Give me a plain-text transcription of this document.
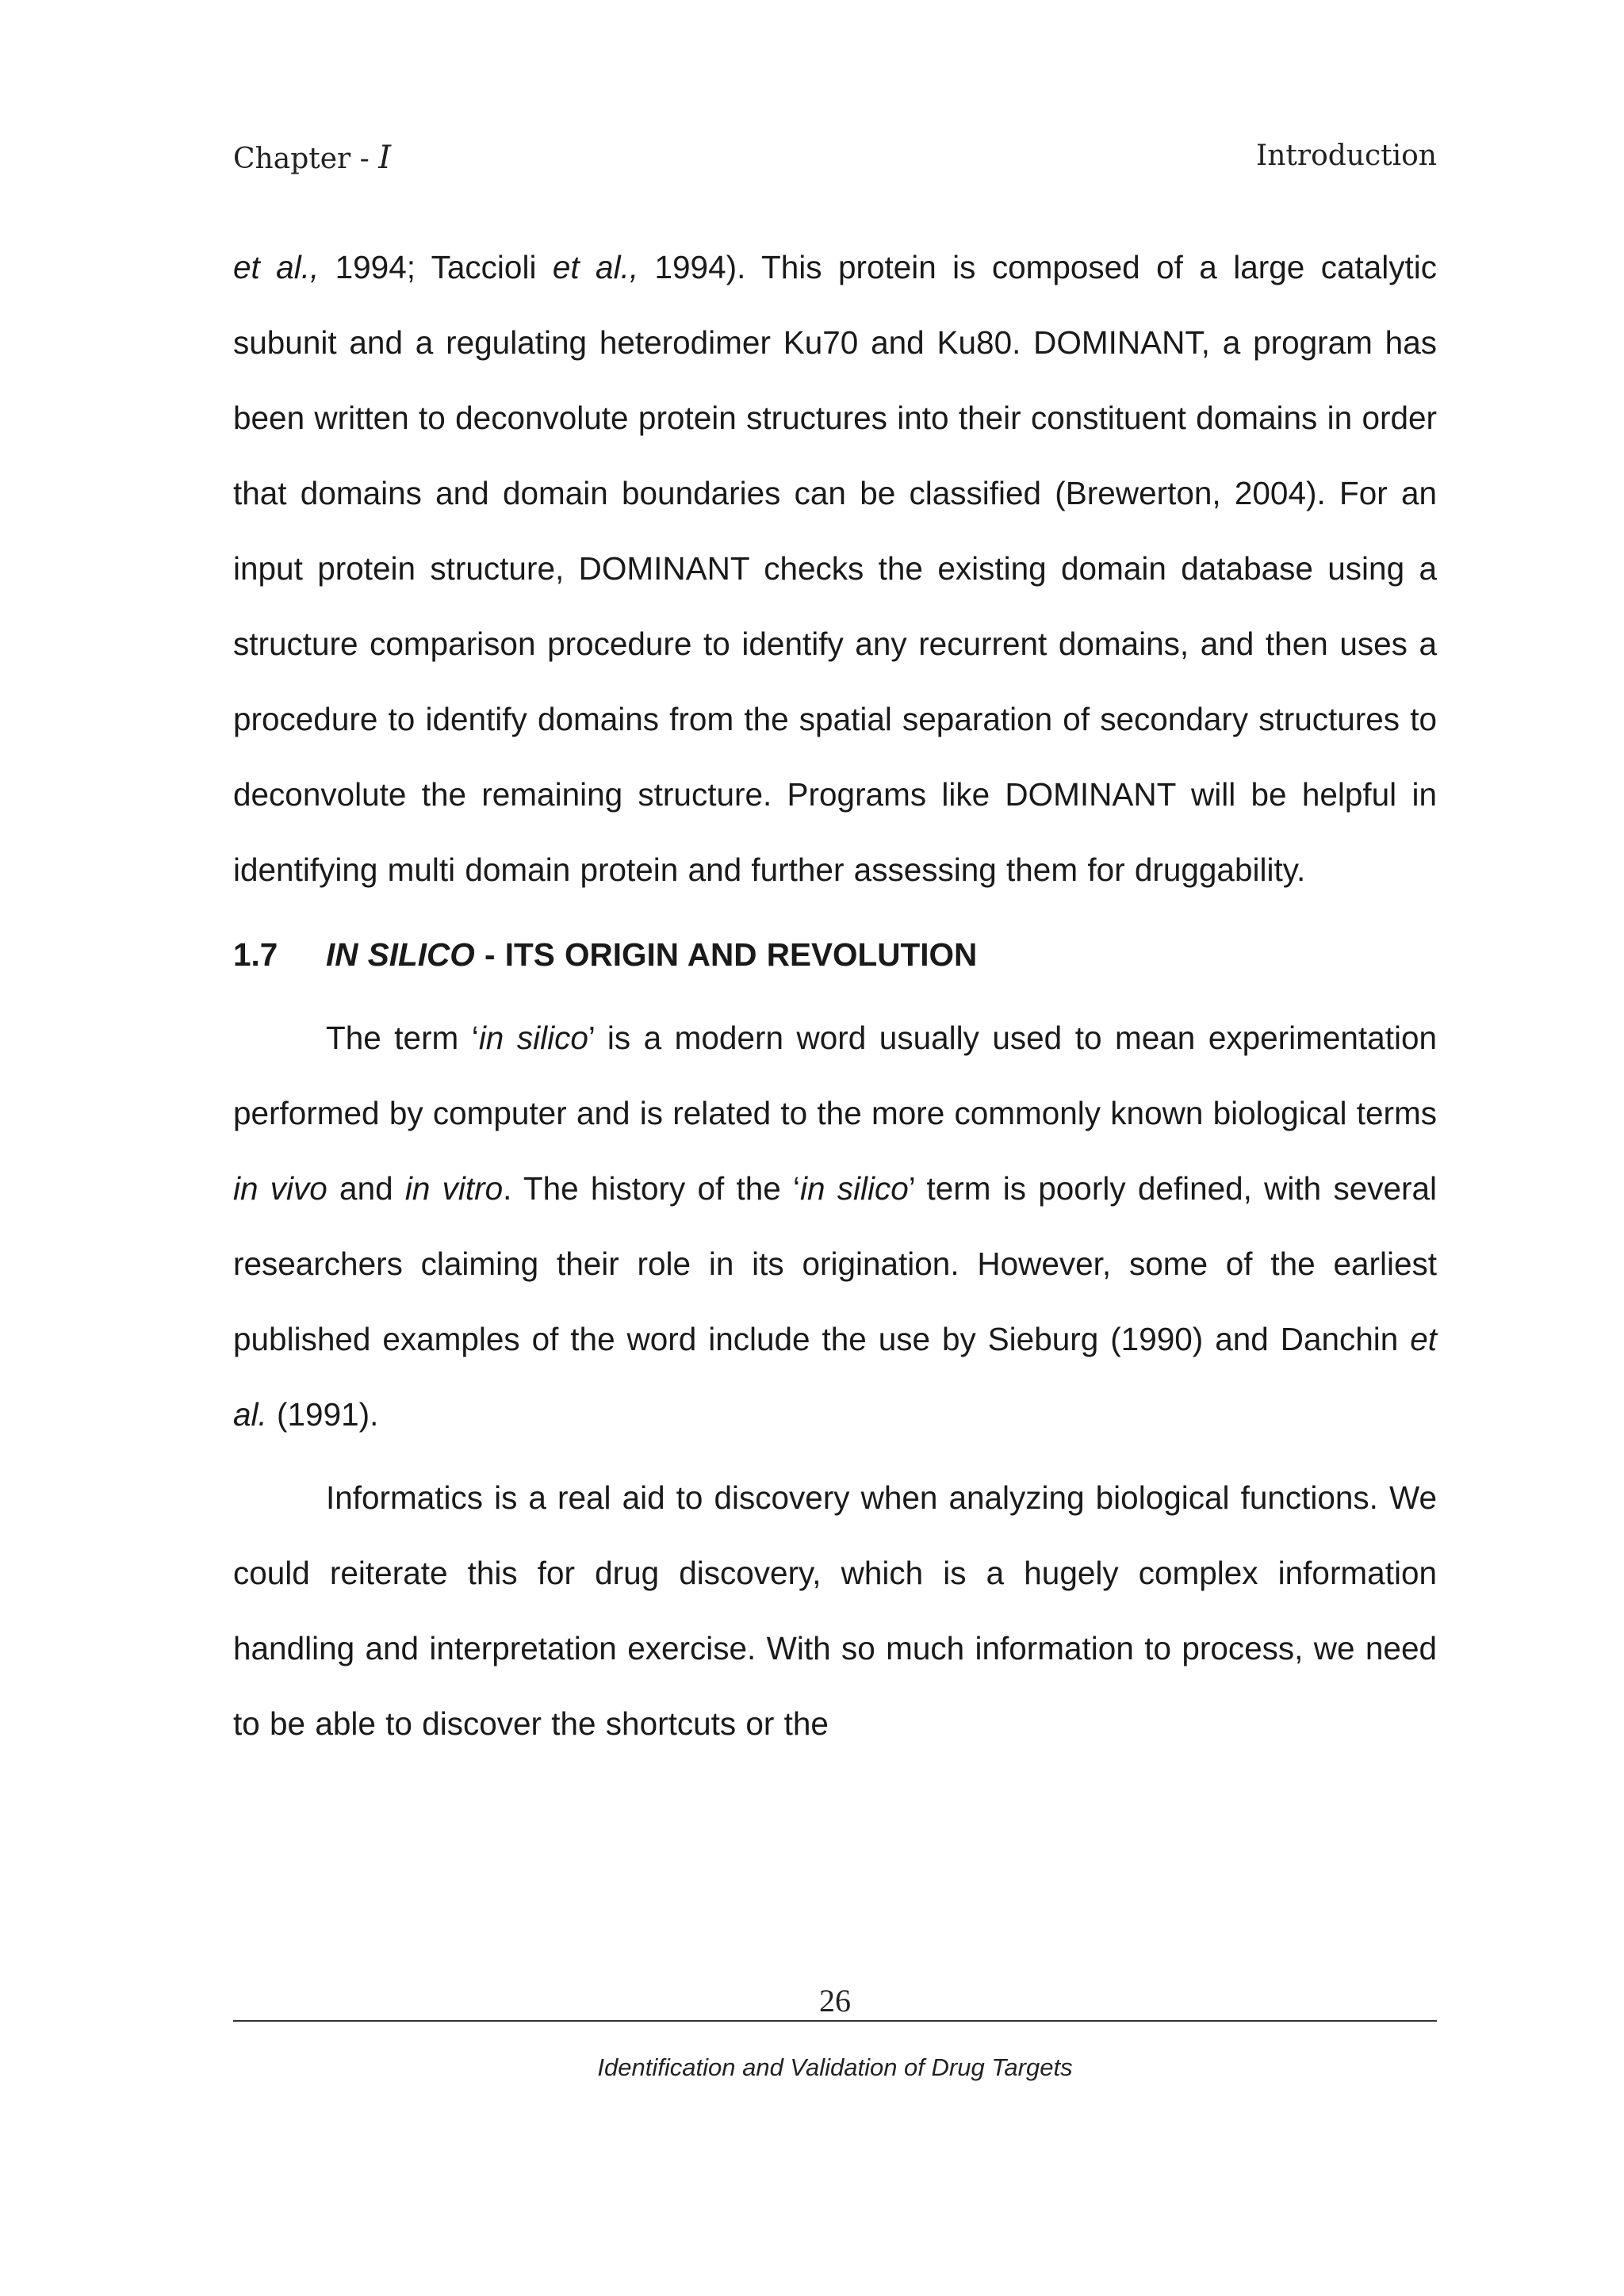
Chapter - I	Introduction

et al., 1994; Taccioli et al., 1994). This protein is composed of a large catalytic subunit and a regulating heterodimer Ku70 and Ku80. DOMINANT, a program has been written to deconvolute protein structures into their constituent domains in order that domains and domain boundaries can be classified (Brewerton, 2004). For an input protein structure, DOMINANT checks the existing domain database using a structure comparison procedure to identify any recurrent domains, and then uses a procedure to identify domains from the spatial separation of secondary structures to deconvolute the remaining structure. Programs like DOMINANT will be helpful in identifying multi domain protein and further assessing them for druggability.

1.7 IN SILICO - ITS ORIGIN AND REVOLUTION

The term ‘in silico’ is a modern word usually used to mean experimentation performed by computer and is related to the more commonly known biological terms in vivo and in vitro. The history of the ‘in silico’ term is poorly defined, with several researchers claiming their role in its origination. However, some of the earliest published examples of the word include the use by Sieburg (1990) and Danchin et al. (1991).

Informatics is a real aid to discovery when analyzing biological functions. We could reiterate this for drug discovery, which is a hugely complex information handling and interpretation exercise. With so much information to process, we need to be able to discover the shortcuts or the

26
Identification and Validation of Drug Targets
